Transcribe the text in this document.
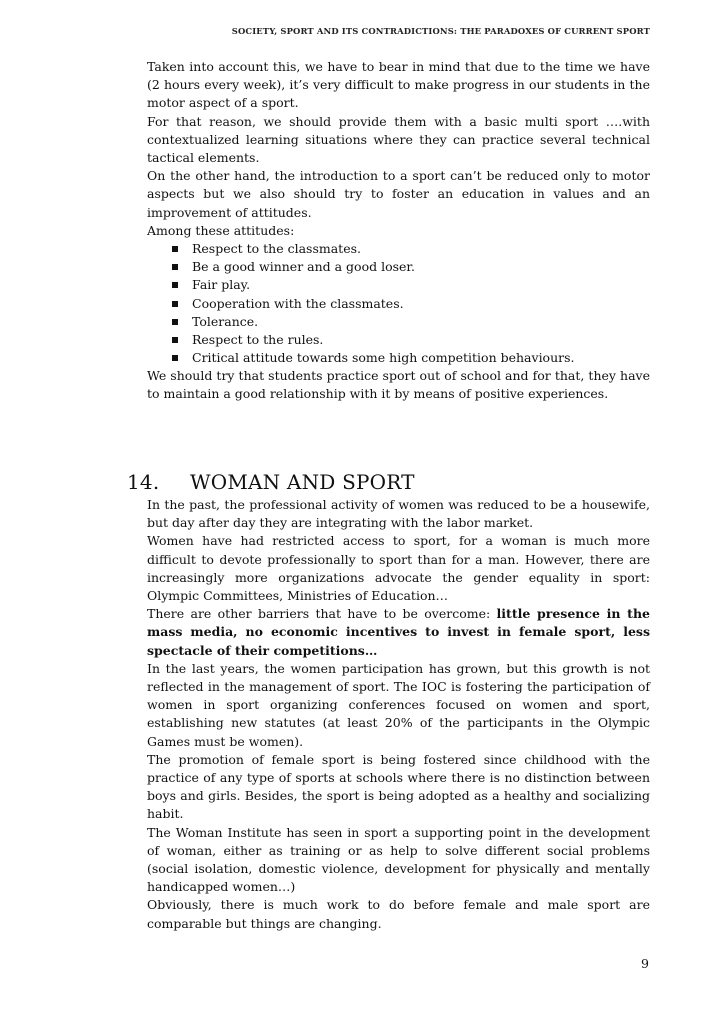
SOCIETY, SPORT AND ITS CONTRADICTIONS: THE PARADOXES OF CURRENT SPORT

Taken into account this, we have to bear in mind that due to the time we have (2 hours every week), it’s very difficult to make progress in our students in the motor aspect of a sport.

For that reason, we should provide them with a basic multi sport ….with contextualized learning situations where they can practice several technical tactical elements.

On the other hand, the introduction to a sport can’t be reduced only to motor aspects but we also should try to foster an education in values and an improvement of attitudes.

Among these attitudes:

Respect to the classmates.
Be a good winner and a good loser.
Fair play.
Cooperation with the classmates.
Tolerance.
Respect to the rules.
Critical attitude towards some high competition behaviours.

We should try that students practice sport out of school and for that, they have to maintain a good relationship with it by means of positive experiences.

14. WOMAN AND SPORT

In the past, the professional activity of women was reduced to be a housewife, but day after day they are integrating with the labor market.

Women have had restricted access to sport, for a woman is much more difficult to devote professionally to sport than for a man. However, there are increasingly more organizations advocate the gender equality in sport: Olympic Committees, Ministries of Education…

There are other barriers that have to be overcome: little presence in the mass media, no economic incentives to invest in female sport, less spectacle of their competitions…

In the last years, the women participation has grown, but this growth is not reflected in the management of sport. The IOC is fostering the participation of women in sport organizing conferences focused on women and sport, establishing new statutes (at least 20% of the participants in the Olympic Games must be women).

The promotion of female sport is being fostered since childhood with the practice of any type of sports at schools where there is no distinction between boys and girls. Besides, the sport is being adopted as a healthy and socializing habit.

The Woman Institute has seen in sport a supporting point in the development of woman, either as training or as help to solve different social problems (social isolation, domestic violence, development for physically and mentally handicapped women…)

Obviously, there is much work to do before female and male sport are comparable but things are changing.

9
